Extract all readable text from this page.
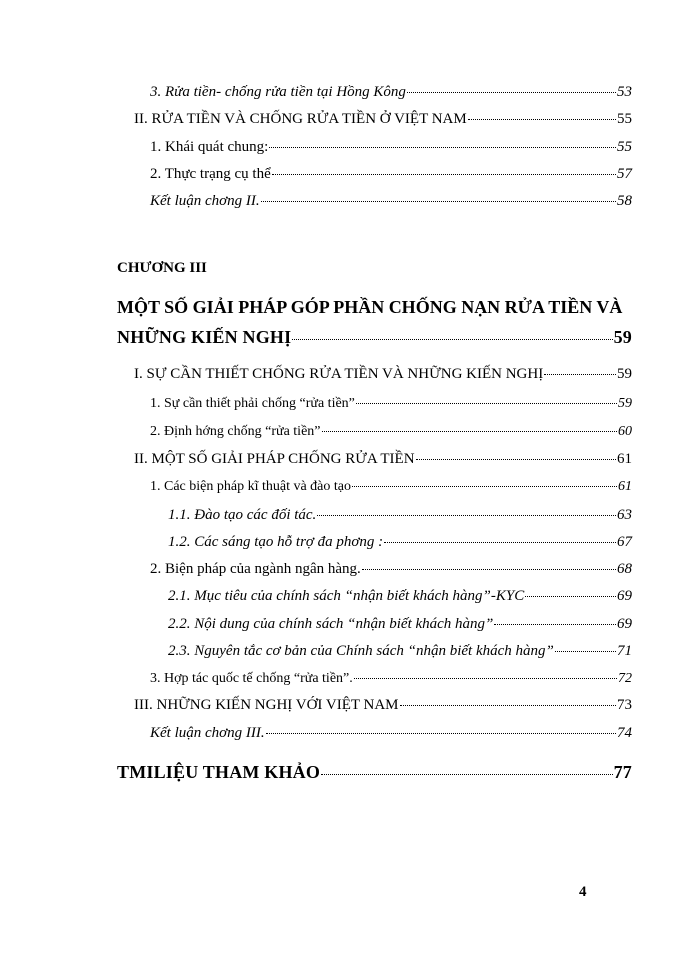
3. Rửa tiền- chống rửa tiền tại Hồng Kông	53
II. RỬA TIỀN VÀ CHỐNG RỬA TIỀN Ở VIỆT NAM	55
1. Khái quát chung:	55
2. Thực trạng cụ thể	57
Kết luận chơng II.	58
CHƯƠNG III
MỘT SỐ GIẢI PHÁP GÓP PHẦN CHỐNG NẠN RỬA TIỀN VÀ
NHỮNG KIẾN NGHỊ	59
I. SỰ CẦN THIẾT CHỐNG RỬA TIỀN VÀ NHỮNG KIẾN NGHỊ	59
1. Sự cần thiết phải chống “rửa tiền”	59
2. Định hớng chống “rửa tiền”	60
II. MỘT SỐ GIẢI PHÁP CHỐNG RỬA TIỀN	61
1. Các biện pháp kĩ thuật và đào tạo	61
1.1. Đào tạo các đối tác.	63
1.2. Các sáng tạo hỗ trợ đa phơng :	67
2. Biện pháp của ngành ngân hàng.	68
2.1. Mục tiêu của chính sách “nhận biết khách hàng”-KYC	69
2.2. Nội dung của chính sách “nhận biết khách hàng”	69
2.3. Nguyên tắc cơ bản của Chính sách “nhận biết khách hàng”	71
3. Hợp tác quốc tế chống “rửa tiền”.	72
III. NHỮNG KIẾN NGHỊ VỚI VIỆT NAM	73
Kết luận chơng III.	74
TMILIỆU THAM KHẢO	77
4
